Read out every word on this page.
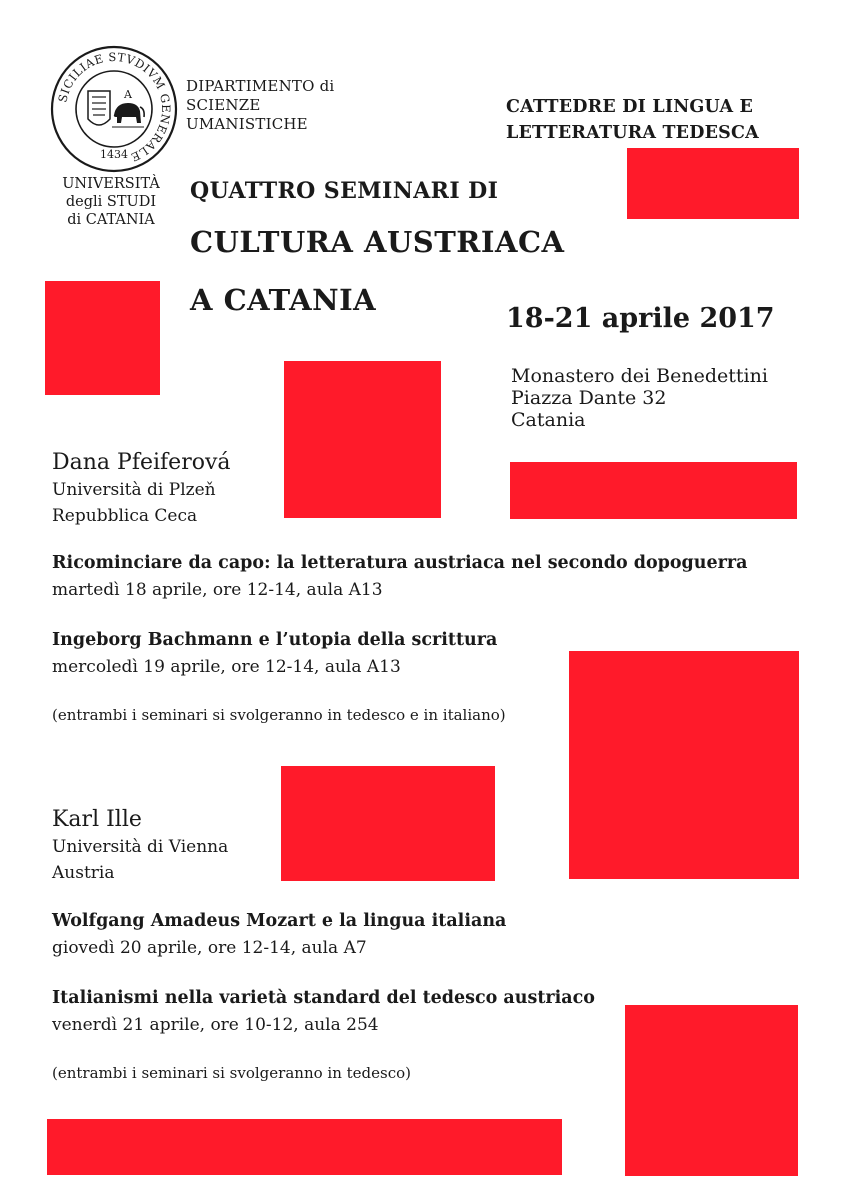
SICILIAE STVDIVM GENERALE
1434
A	DIPARTIMENTO di
SCIENZE
UMANISTICHE
UNIVERSITÀ
degli STUDI
di CATANIA
CATTEDRE DI LINGUA E
LETTERATURA TEDESCA
QUATTRO SEMINARI DI
CULTURA AUSTRIACA
A CATANIA
18-21 aprile 2017
Monastero dei Benedettini
Piazza Dante 32
Catania
Dana Pfeiferová
Università di Plzeň
Repubblica Ceca
Ricominciare da capo: la letteratura austriaca nel secondo dopoguerra
martedì 18 aprile, ore 12-14, aula A13
Ingeborg Bachmann e l’utopia della scrittura
mercoledì 19 aprile, ore 12-14, aula A13
(entrambi i seminari si svolgeranno in tedesco e in italiano)
Karl Ille
Università di Vienna
Austria
Wolfgang Amadeus Mozart e la lingua italiana
giovedì 20 aprile, ore 12-14, aula A7
Italianismi nella varietà standard del tedesco austriaco
venerdì 21 aprile, ore 10-12, aula 254
(entrambi i seminari si svolgeranno in tedesco)
